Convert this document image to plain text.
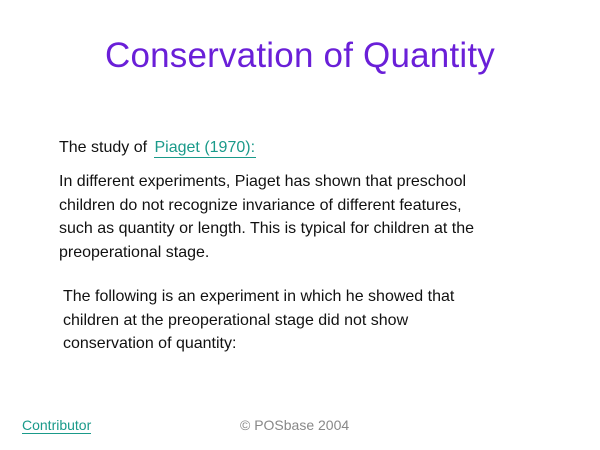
Conservation of Quantity
The study of Piaget (1970):
In different experiments, Piaget has shown that preschool
children do not recognize invariance of different features,
such as quantity or length. This is typical for children at the
preoperational stage.
The following is an experiment in which he showed that
children at the preoperational stage did not show
conservation of quantity:
Contributor	© POSbase 2004
